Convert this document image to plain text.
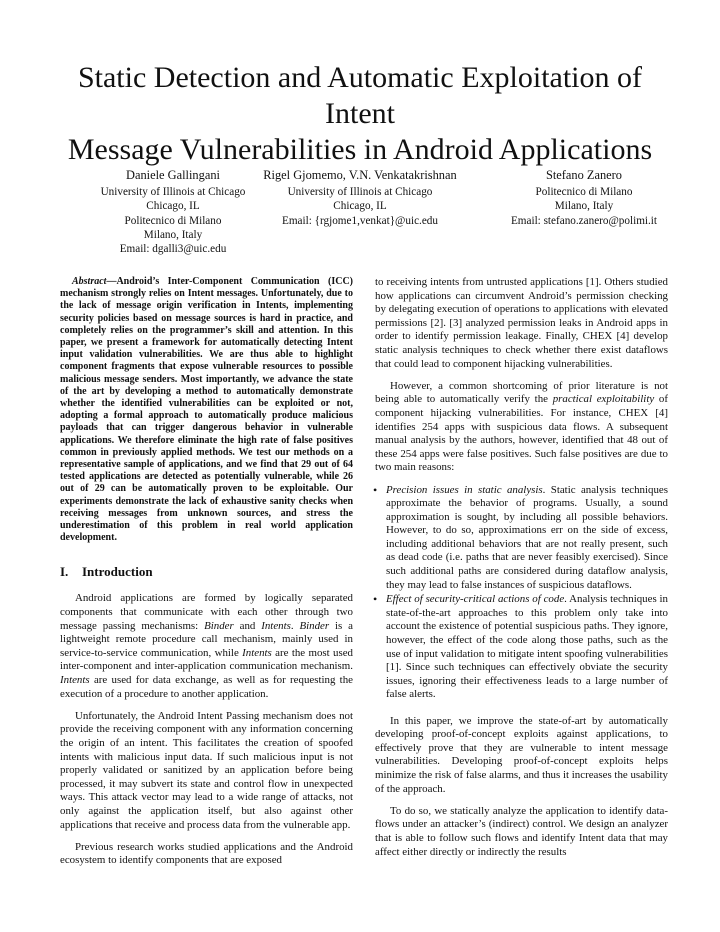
Static Detection and Automatic Exploitation of Intent
Message Vulnerabilities in Android Applications
Daniele Gallingani
University of Illinois at Chicago
Chicago, IL
Politecnico di Milano
Milano, Italy
Email: dgalli3@uic.edu
Rigel Gjomemo, V.N. Venkatakrishnan
University of Illinois at Chicago
Chicago, IL
Email: {rgjome1,venkat}@uic.edu
Stefano Zanero
Politecnico di Milano
Milano, Italy
Email: stefano.zanero@polimi.it

Abstract—Android’s Inter-Component Communication (ICC) mechanism strongly relies on Intent messages. Unfortunately, due to the lack of message origin verification in Intents, implementing security policies based on message sources is hard in practice, and completely relies on the programmer’s skill and attention. In this paper, we present a framework for automatically detecting Intent input validation vulnerabilities. We are thus able to highlight component fragments that expose vulnerable resources to possible malicious message senders. Most importantly, we advance the state of the art by developing a method to automatically demonstrate whether the identified vulnerabilities can be exploited or not, adopting a formal approach to automatically produce malicious payloads that can trigger dangerous behavior in vulnerable applications. We therefore eliminate the high rate of false positives common in previously applied methods. We test our methods on a representative sample of applications, and we find that 29 out of 64 tested applications are detected as potentially vulnerable, while 26 out of 29 can be automatically proven to be exploitable. Our experiments demonstrate the lack of exhaustive sanity checks when receiving messages from unknown sources, and stress the underestimation of this problem in real world application development.

I. Introduction

Android applications are formed by logically separated components that communicate with each other through two message passing mechanisms: Binder and Intents. Binder is a lightweight remote procedure call mechanism, mainly used in service-to-service communication, while Intents are the most used inter-component and inter-application communication mechanism. Intents are used for data exchange, as well as for requesting the execution of a procedure to another application.

Unfortunately, the Android Intent Passing mechanism does not provide the receiving component with any information concerning the origin of an intent. This facilitates the creation of spoofed intents with malicious input data. If such malicious input is not properly validated or sanitized by an application before being processed, it may subvert its state and control flow in unexpected ways. This attack vector may lead to a wide range of attacks, not only against the application itself, but also against other applications that receive and process data from the vulnerable app.

Previous research works studied applications and the Android ecosystem to identify components that are exposed

to receiving intents from untrusted applications [1]. Others studied how applications can circumvent Android’s permission checking by delegating execution of operations to applications with elevated permissions [2]. [3] analyzed permission leaks in Android apps in order to identify permission leakage. Finally, CHEX [4] develop static analysis techniques to check whether there exist dataflows that could lead to component hijacking vulnerabilities.

However, a common shortcoming of prior literature is not being able to automatically verify the practical exploitability of component hijacking vulnerabilities. For instance, CHEX [4] identifies 254 apps with suspicious data flows. A subsequent manual analysis by the authors, however, identified that 48 out of these 254 apps were false positives. Such false positives are due to two main reasons:

• Precision issues in static analysis. Static analysis techniques approximate the behavior of programs. Usually, a sound approximation is sought, by including all possible behaviors. However, to do so, approximations err on the side of excess, including additional behaviors that are not really present, such as dead code (i.e. paths that are never feasibly exercised). Since such additional paths are considered during dataflow analysis, they may lead to false instances of suspicious dataflows.
• Effect of security-critical actions of code. Analysis techniques in state-of-the-art approaches to this problem only take into account the existence of potential suspicious paths. They ignore, however, the effect of the code along those paths, such as the use of input validation to mitigate intent spoofing vulnerabilities [1]. Since such techniques can effectively obviate the security issues, ignoring their effectiveness leads to a large number of false alerts.

In this paper, we improve the state-of-art by automatically developing proof-of-concept exploits against applications, to effectively prove that they are vulnerable to intent message vulnerabilities. Developing proof-of-concept exploits helps minimize the risk of false alarms, and thus it increases the usability of the approach.

To do so, we statically analyze the application to identify data-flows under an attacker’s (indirect) control. We design an analyzer that is able to follow such flows and identify Intent data that may affect either directly or indirectly the results
